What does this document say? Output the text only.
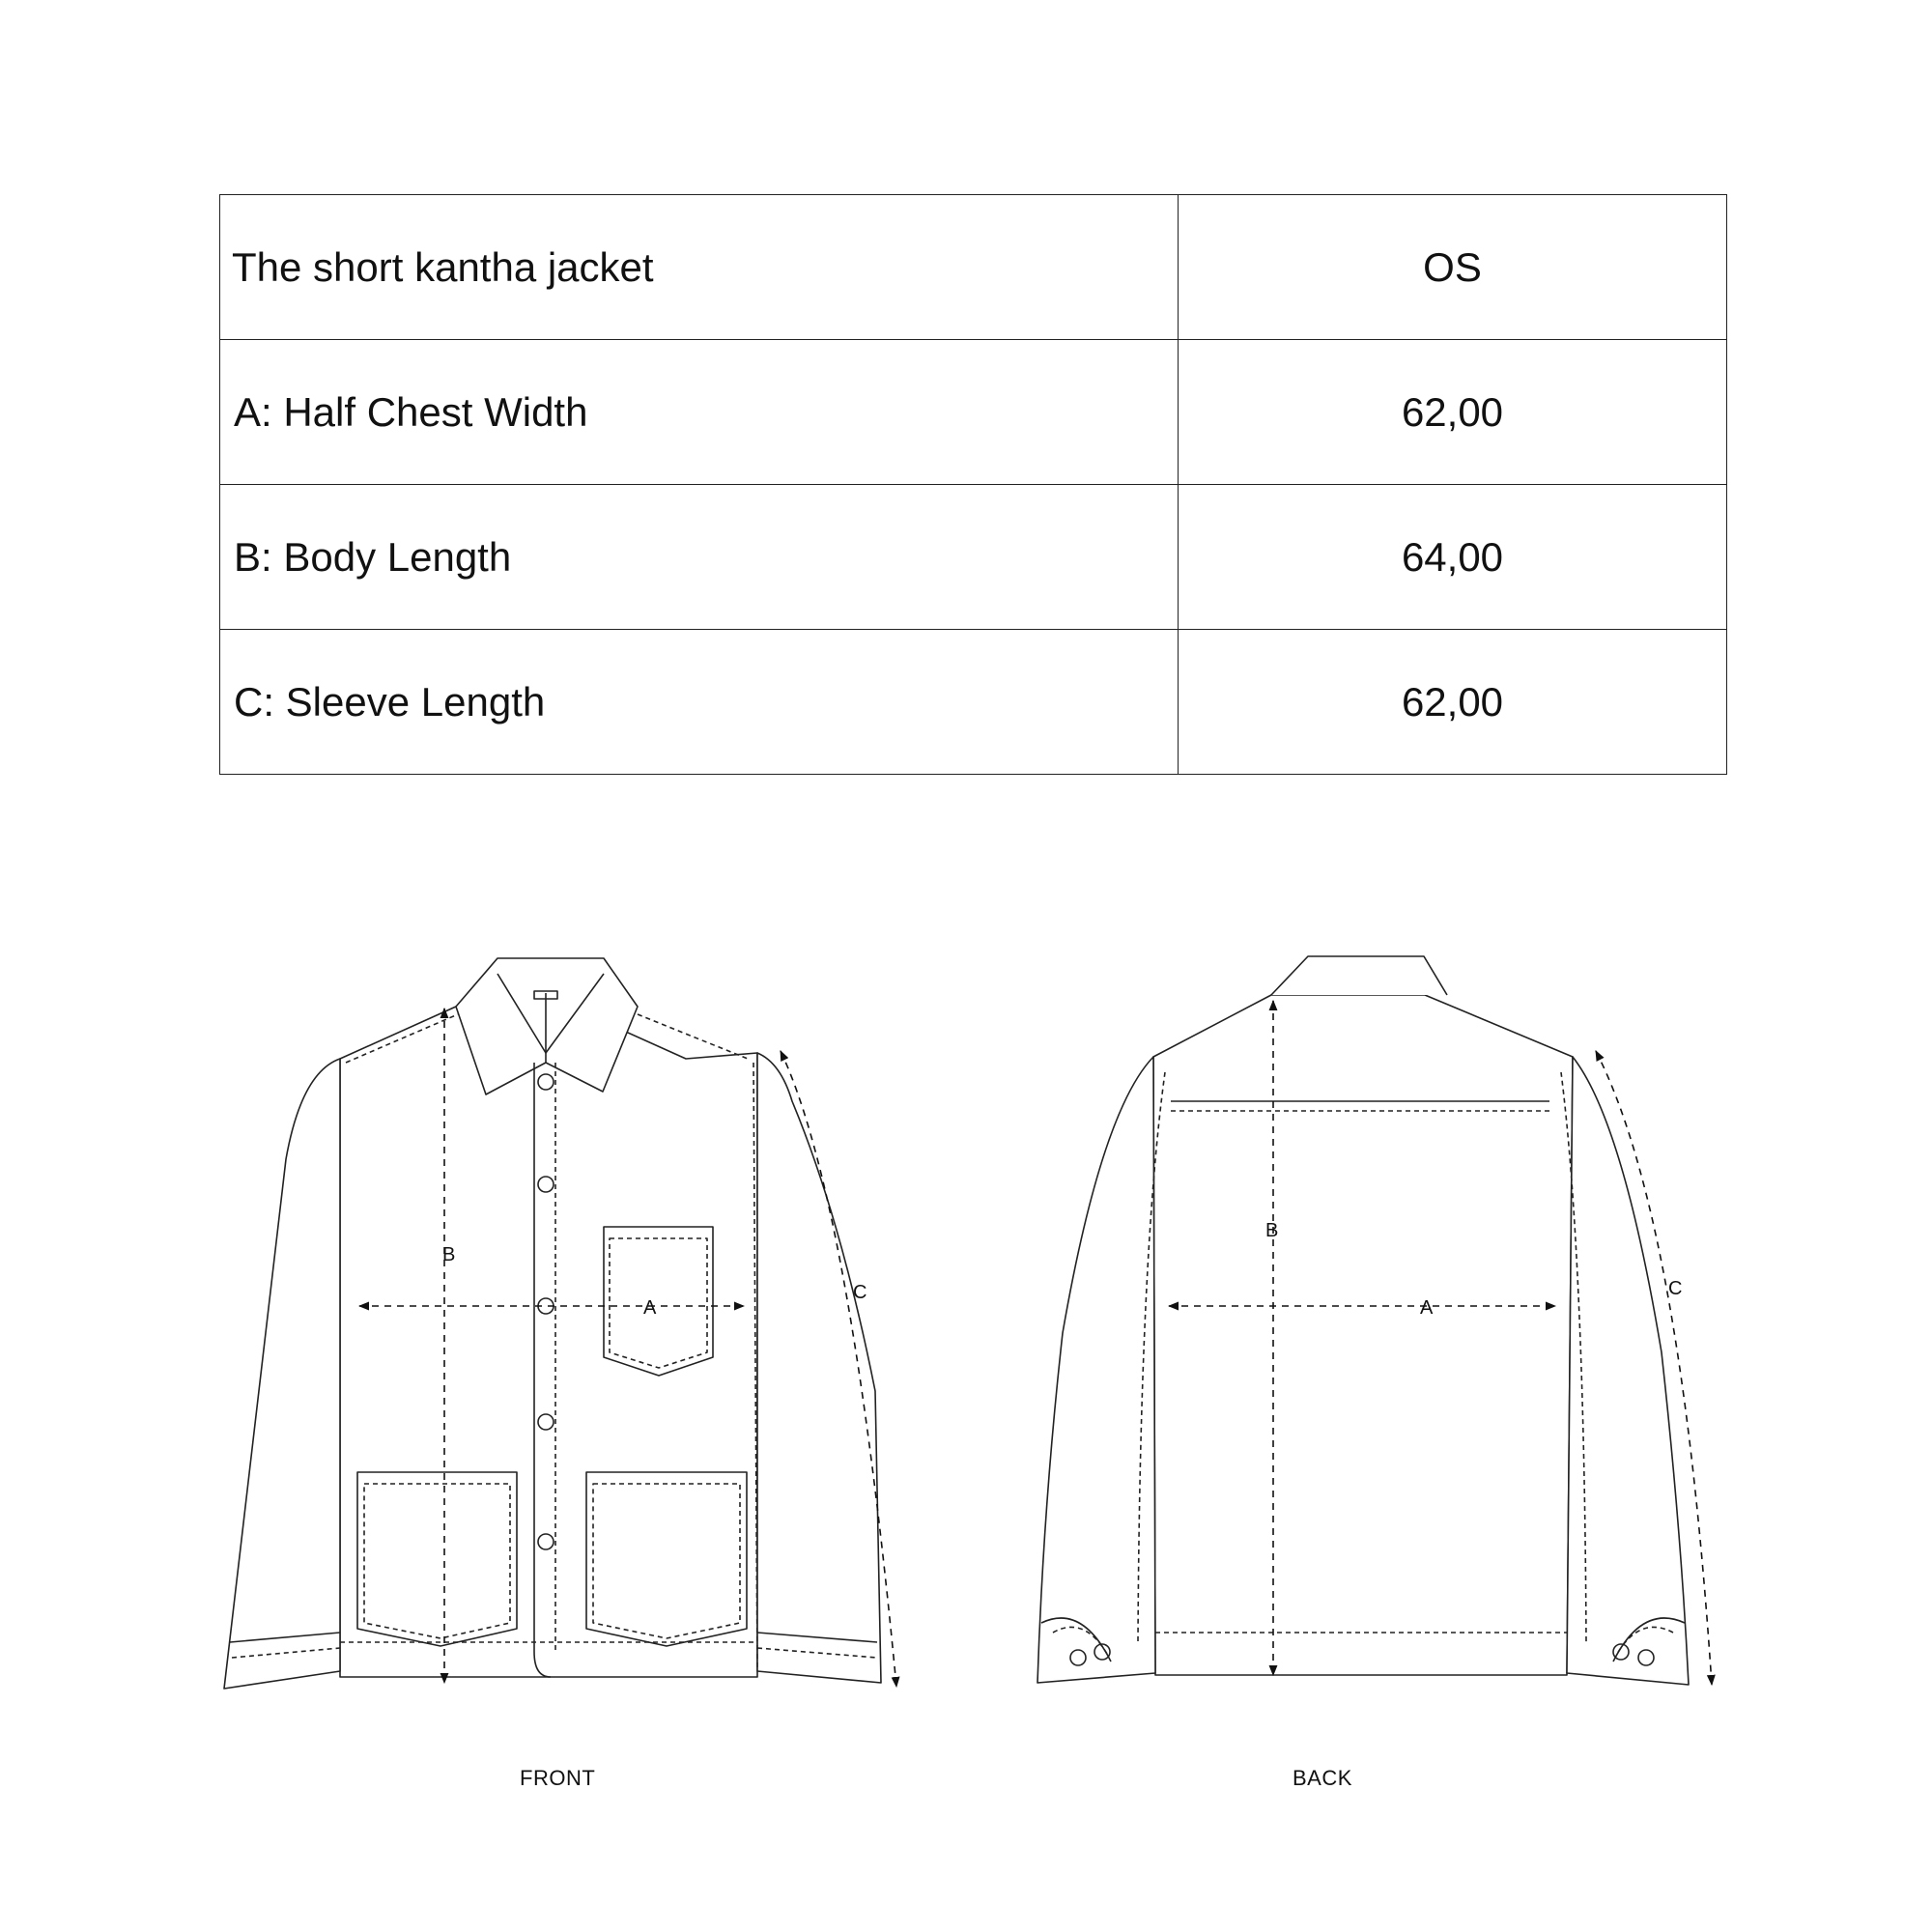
The short kantha jacket	OS
A: Half Chest Width	62,00
B: Body Length	64,00
C: Sleeve Length	62,00
A
B
C
A
B
C
FRONT	BACK
